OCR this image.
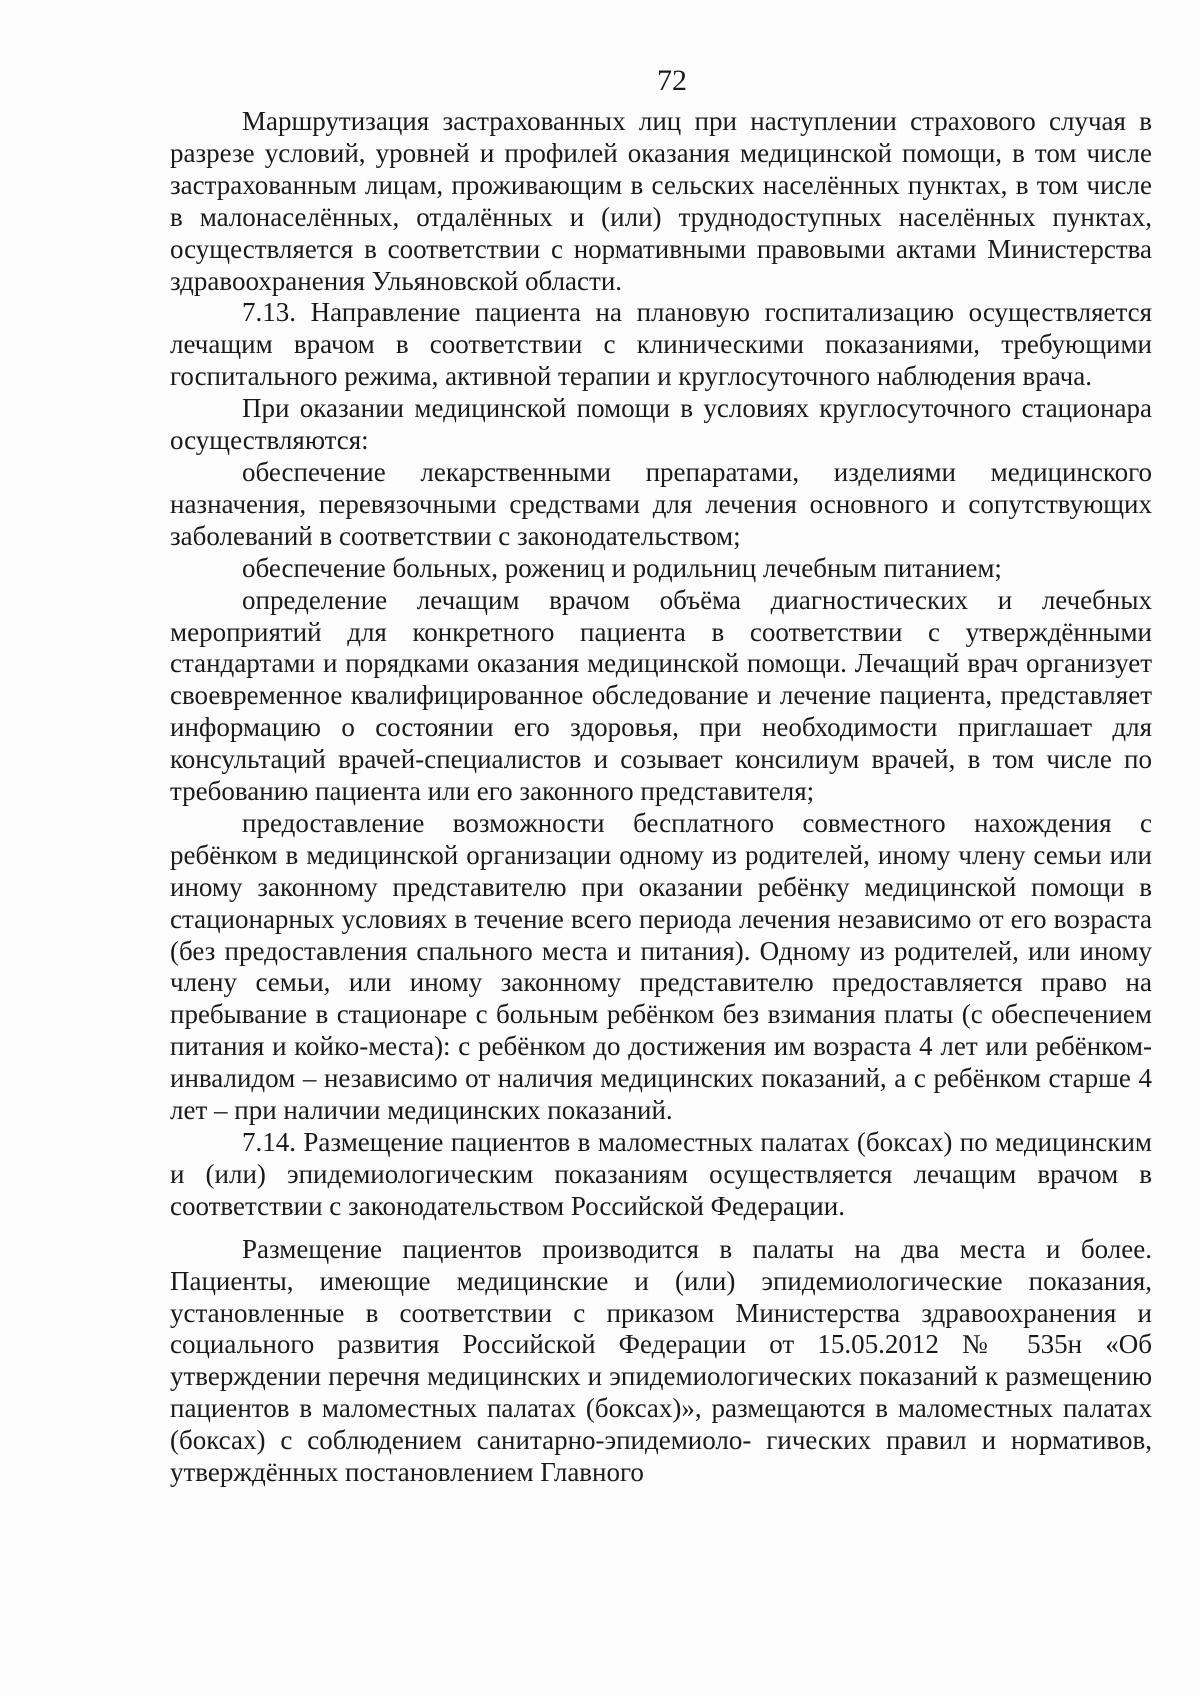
72

Маршрутизация застрахованных лиц при наступлении страхового случая в разрезе условий, уровней и профилей оказания медицинской помощи, в том числе застрахованным лицам, проживающим в сельских населённых пунктах, в том числе в малонаселённых, отдалённых и (или) труднодоступных населённых пунктах, осуществляется в соответствии с нормативными правовыми актами Министерства здравоохранения Ульяновской области.

7.13. Направление пациента на плановую госпитализацию осуществляется лечащим врачом в соответствии с клиническими показаниями, требующими госпитального режима, активной терапии и круглосуточного наблюдения врача.

При оказании медицинской помощи в условиях круглосуточного стационара осуществляются:

обеспечение лекарственными препаратами, изделиями медицинского назначения, перевязочными средствами для лечения основного и сопутствующих заболеваний в соответствии с законодательством;

обеспечение больных, рожениц и родильниц лечебным питанием;

определение лечащим врачом объёма диагностических и лечебных мероприятий для конкретного пациента в соответствии с утверждёнными стандартами и порядками оказания медицинской помощи. Лечащий врач организует своевременное квалифицированное обследование и лечение пациента, представляет информацию о состоянии его здоровья, при необходимости приглашает для консультаций врачей-специалистов и созывает консилиум врачей, в том числе по требованию пациента или его законного представителя;

предоставление возможности бесплатного совместного нахождения с ребёнком в медицинской организации одному из родителей, иному члену семьи или иному законному представителю при оказании ребёнку медицинской помощи в стационарных условиях в течение всего периода лечения независимо от его возраста (без предоставления спального места и питания). Одному из родителей, или иному члену семьи, или иному законному представителю предоставляется право на пребывание в стационаре с больным ребёнком без взимания платы (с обеспечением питания и койко-места): с ребёнком до достижения им возраста 4 лет или ребёнком-инвалидом – независимо от наличия медицинских показаний, а с ребёнком старше 4 лет – при наличии медицинских показаний.

7.14. Размещение пациентов в маломестных палатах (боксах) по медицинским и (или) эпидемиологическим показаниям осуществляется лечащим врачом в соответствии с законодательством Российской Федерации.

Размещение пациентов производится в палаты на два места и более. Пациенты, имеющие медицинские и (или) эпидемиологические показания, установленные в соответствии с приказом Министерства здравоохранения и социального развития Российской Федерации от 15.05.2012 № 535н «Об утверждении перечня медицинских и эпидемиологических показаний к размещению пациентов в маломестных палатах (боксах)», размещаются в маломестных палатах (боксах) с соблюдением санитарно-эпидемиоло- гических правил и нормативов, утверждённых постановлением Главного
